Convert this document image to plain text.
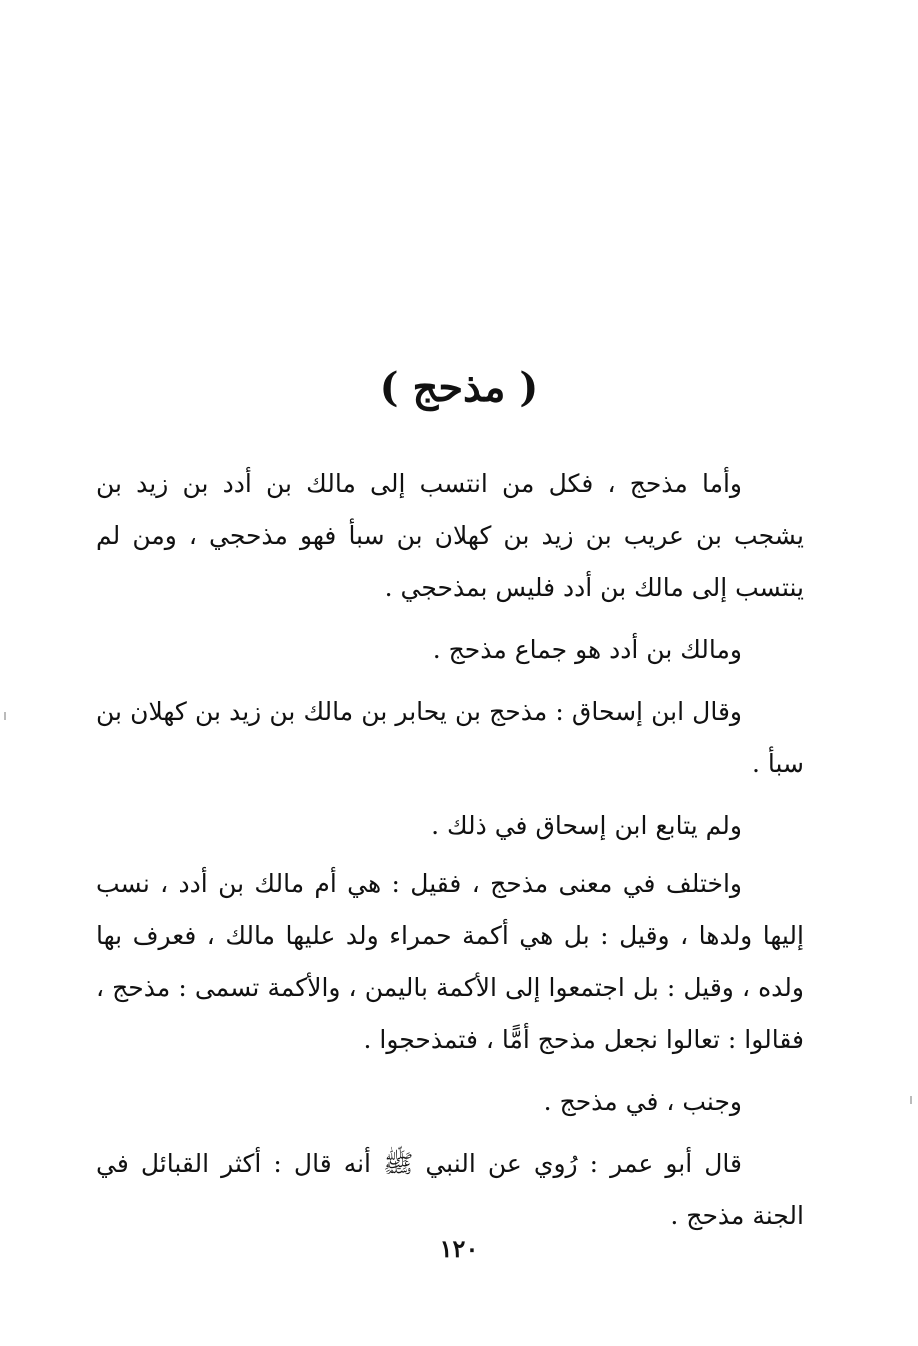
( مذحج )

وأما مذحج ، فكل من انتسب إلى مالك بن أدد بن زيد بن يشجب بن عريب بن زيد بن كهلان بن سبأ فهو مذحجي ، ومن لم ينتسب إلى مالك بن أدد فليس بمذحجي .

ومالك بن أدد هو جماع مذحج .

وقال ابن إسحاق : مذحج بن يحابر بن مالك بن زيد بن كهلان بن سبأ .

ولم يتابع ابن إسحاق في ذلك .

واختلف في معنى مذحج ، فقيل : هي أم مالك بن أدد ، نسب إليها ولدها ، وقيل : بل هي أكمة حمراء ولد عليها مالك ، فعرف بها ولده ، وقيل : بل اجتمعوا إلى الأكمة باليمن ، والأكمة تسمى : مذحج ، فقالوا : تعالوا نجعل مذحج أمًّا ، فتمذحجوا .

وجنب ، في مذحج .

قال أبو عمر : رُوي عن النبي ﷺ أنه قال : أكثر القبائل في الجنة مذحج .

١٢٠
